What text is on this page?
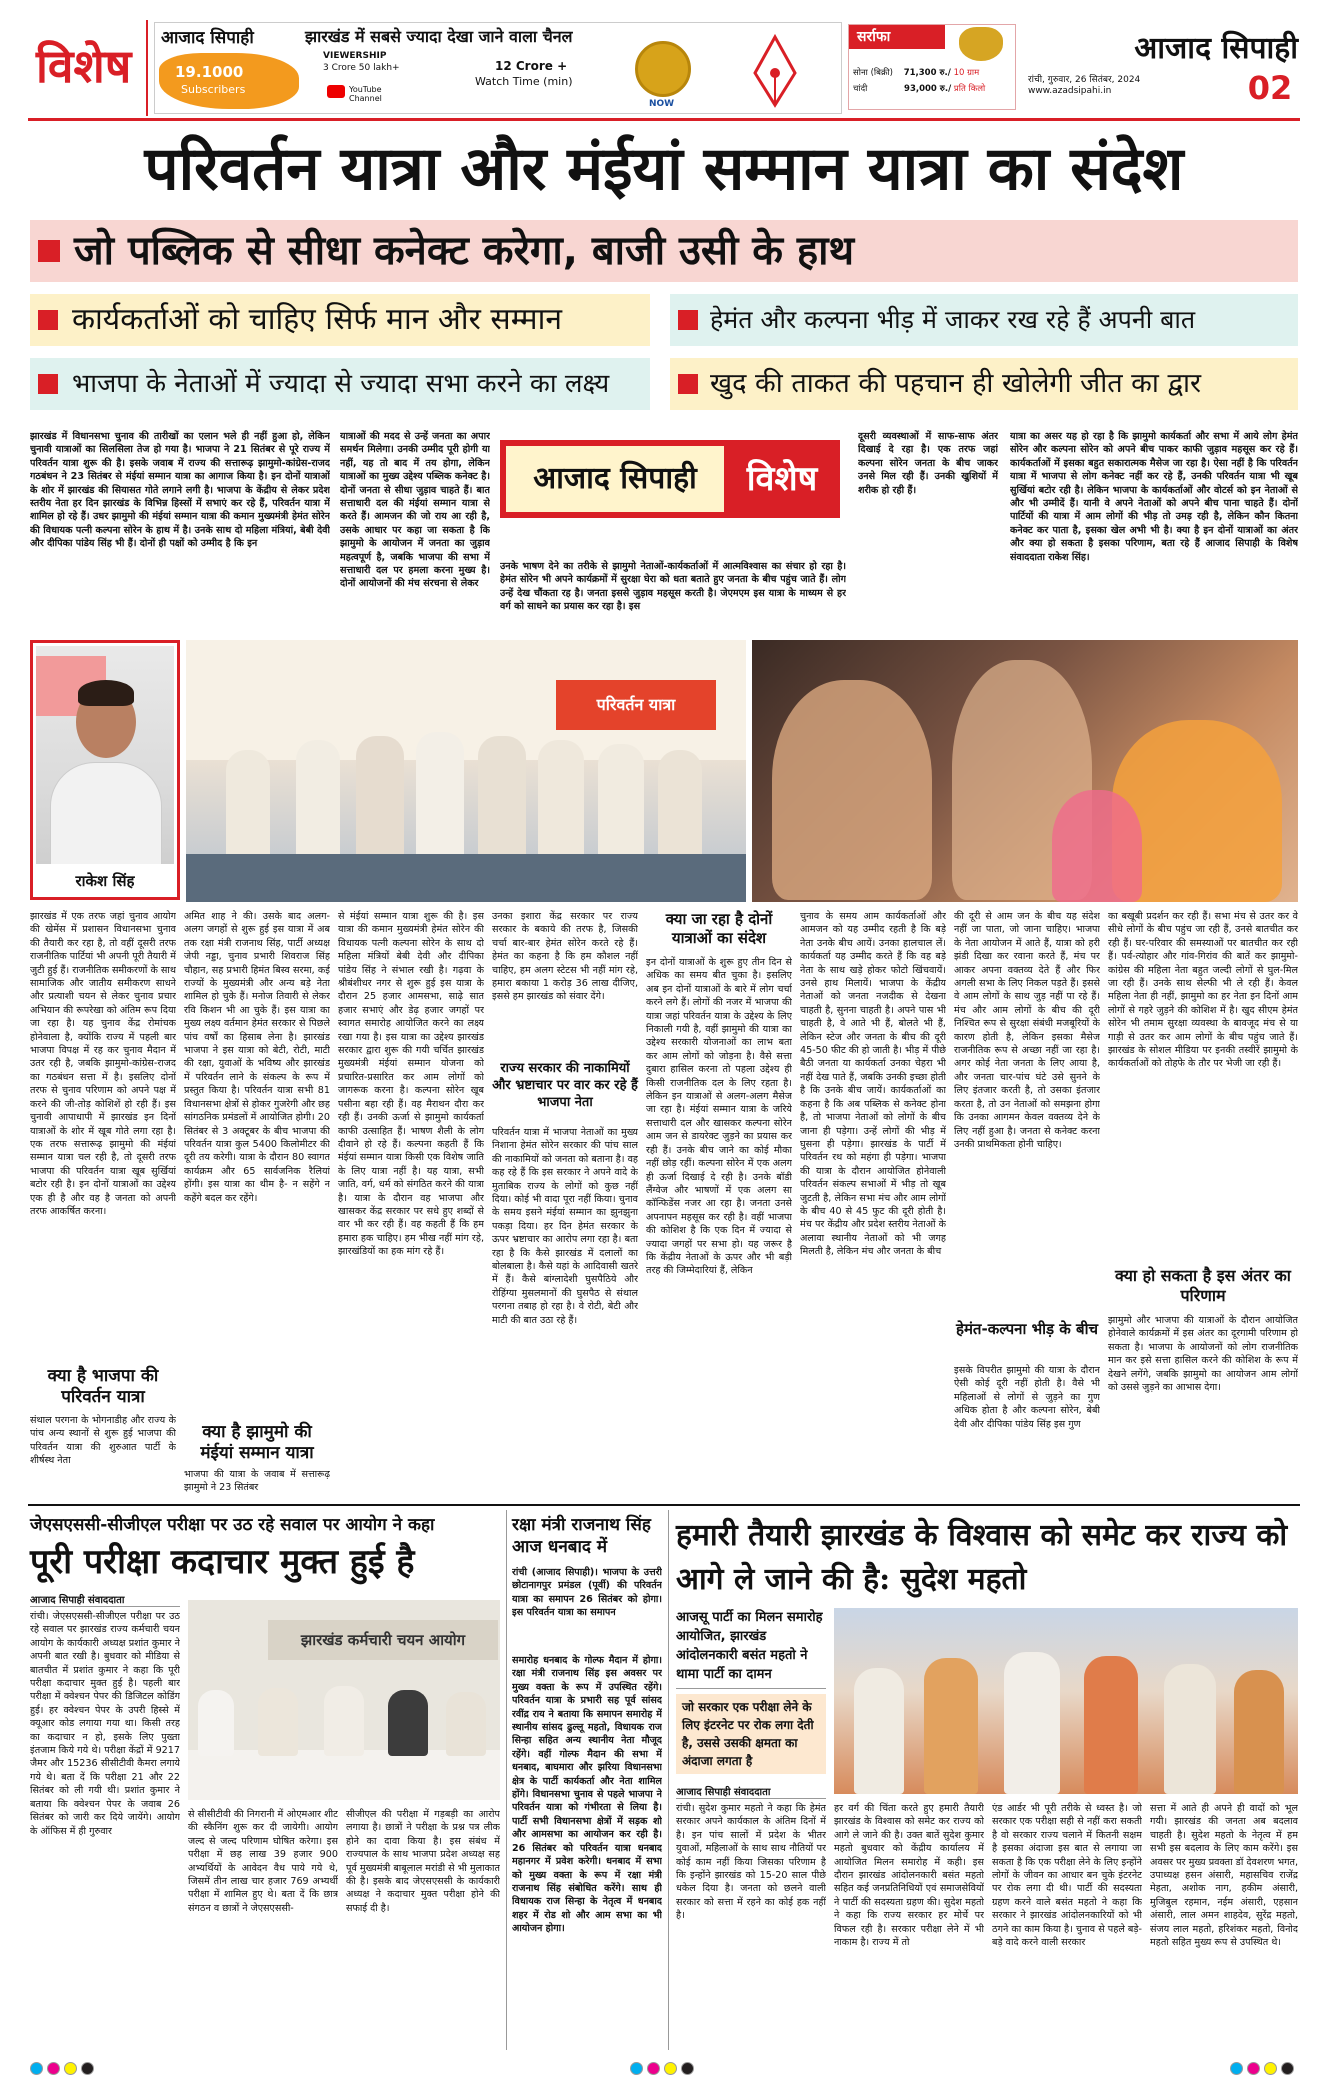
विशेष
आजाद सिपाही	झारखंड में सबसे ज्यादा देखा जाने वाला चैनल
19.1000
Subscribers
VIEWERSHIP
3 Crore 50 lakh+	12 Crore +
Watch Time (min)
YouTube Channel
NOW
सर्राफा
सोना (बिक्री) 71,300 रु./ 10 ग्राम
चांदी	93,000 रु./ प्रति किलो
आजाद सिपाही
रांची, गुरुवार, 26 सितंबर, 2024
www.azadsipahi.in	02
परिवर्तन यात्रा और मंईयां सम्मान यात्रा का संदेश
जो पब्लिक से सीधा कनेक्ट करेगा, बाजी उसी के हाथ
कार्यकर्ताओं को चाहिए सिर्फ मान और सम्मान	हेमंत और कल्पना भीड़ में जाकर रख रहे हैं अपनी बात
भाजपा के नेताओं में ज्यादा से ज्यादा सभा करने का लक्ष्य	खुद की ताकत की पहचान ही खोलेगी जीत का द्वार
झारखंड में विधानसभा चुनाव की तारीखों का एलान भले ही नहीं हुआ हो, लेकिन चुनावी यात्राओं का सिलसिला तेज हो गया है। भाजपा ने 21 सितंबर से पूरे राज्य में परिवर्तन यात्रा शुरू की है। इसके जवाब में राज्य की सत्तारूढ़ झामुमो-कांग्रेस-राजद गठबंधन ने 23 सितंबर से मंईयां सम्मान यात्रा का आगाज किया है। इन दोनों यात्राओं के शोर में झारखंड की सियासत गोते लगाने लगी है। भाजपा के केंद्रीय से लेकर प्रदेश स्तरीय नेता हर दिन झारखंड के विभिन्न हिस्सों में सभाएं कर रहे हैं, परिवर्तन यात्रा में शामिल हो रहे हैं। उधर झामुमो की मंईयां सम्मान यात्रा की कमान मुख्यमंत्री हेमंत सोरेन की विधायक पत्नी कल्पना सोरेन के हाथ में है। उनके साथ दो महिला मंत्रियां, बेबी देवी और दीपिका पांडेय सिंह भी हैं। दोनों ही पक्षों को उम्मीद है कि इन
यात्राओं की मदद से उन्हें जनता का अपार समर्थन मिलेगा। उनकी उम्मीद पूरी होगी या नहीं, यह तो बाद में तय होगा, लेकिन यात्राओं का मुख्य उद्देश्य पब्लिक कनेक्ट है। दोनों जनता से सीधा जुड़ाव चाहते हैं। बात सत्ताधारी दल की मंईयां सम्मान यात्रा से करते हैं। आमजन की जो राय आ रही है, उसके आधार पर कहा जा सकता है कि झामुमो के आयोजन में जनता का जुड़ाव महत्वपूर्ण है, जबकि भाजपा की सभा में सत्ताधारी दल पर हमला करना मुख्य है। दोनों आयोजनों की मंच संरचना से लेकर
आजाद सिपाही	विशेष
उनके भाषण देने का तरीके से झामुमो नेताओं-कार्यकर्ताओं में आत्मविश्वास का संचार हो रहा है। हेमंत सोरेन भी अपने कार्यक्रमों में सुरक्षा घेरा को धता बताते हुए जनता के बीच पहुंच जाते हैं। लोग उन्हें देख चौंकता रह है। जनता इससे जुड़ाव महसूस करती है। जेएमएम इस यात्रा के माध्यम से हर वर्ग को साधने का प्रयास कर रहा है। इस
दूसरी व्यवस्थाओं में साफ-साफ अंतर दिखाई दे रहा है। एक तरफ जहां कल्पना सोरेन जनता के बीच जाकर उनसे मिल रही हैं। उनकी खुशियों में शरीक हो रही हैं।
यात्रा का असर यह हो रहा है कि झामुमो कार्यकर्ता और सभा में आये लोग हेमंत सोरेन और कल्पना सोरेन को अपने बीच पाकर काफी जुड़ाव महसूस कर रहे हैं। कार्यकर्ताओं में इसका बहुत सकारात्मक मैसेज जा रहा है। ऐसा नहीं है कि परिवर्तन यात्रा में भाजपा से लोग कनेक्ट नहीं कर रहे हैं, उनकी परिवर्तन यात्रा भी खूब सुर्खियां बटोर रही है। लेकिन भाजपा के कार्यकर्ताओं और वोटर्स को इन नेताओं से और भी उम्मीदें हैं। यानी वे अपने नेताओं को अपने बीच पाना चाहते हैं। दोनों पार्टियों की यात्रा में आम लोगों की भीड़ तो उमड़ रही है, लेकिन कौन कितना कनेक्ट कर पाता है, इसका खेल अभी भी है। क्या है इन दोनों यात्राओं का अंतर और क्या हो सकता है इसका परिणाम, बता रहे हैं आजाद सिपाही के विशेष संवाददाता राकेश सिंह।
राकेश सिंह
परिवर्तन यात्रा
झारखंड में एक तरफ जहां चुनाव आयोग की खेमेंस में प्रशासन विधानसभा चुनाव की तैयारी कर रहा है, तो वहीं दूसरी तरफ राजनीतिक पार्टियां भी अपनी पूरी तैयारी में जुटी हुई हैं। राजनीतिक समीकरणों के साथ सामाजिक और जातीय समीकरण साधने और प्रत्याशी चयन से लेकर चुनाव प्रचार अभियान की रूपरेखा को अंतिम रूप दिया जा रहा है। यह चुनाव केंद्र रोमांचक होनेवाला है, क्योंकि राज्य में पहली बार भाजपा विपक्ष में रह कर चुनाव मैदान में उतर रही है, जबकि झामुमो-कांग्रेस-राजद का गठबंधन सत्ता में है। इसलिए दोनों तरफ से चुनाव परिणाम को अपने पक्ष में करने की जी-तोड़ कोशिशें हो रही हैं। इस चुनावी आपाधापी में झारखंड इन दिनों यात्राओं के शोर में खूब गोते लगा रहा है। एक तरफ सत्तारूढ़ झामुमो की मंईयां सम्मान यात्रा चल रही है, तो दूसरी तरफ भाजपा की परिवर्तन यात्रा खूब सुर्खियां बटोर रही है। इन दोनों यात्राओं का उद्देश्य एक ही है और वह है जनता को अपनी तरफ आकर्षित करना।
क्या है भाजपा की परिवर्तन यात्रा
संथाल परगना के भोगनाडीह और राज्य के पांच अन्य स्थानों से शुरू हुई भाजपा की परिवर्तन यात्रा की शुरुआत पार्टी के शीर्षस्थ नेता
अमित शाह ने की। उसके बाद अलग-अलग जगहों से शुरू हुई इस यात्रा में अब तक रक्षा मंत्री राजनाथ सिंह, पार्टी अध्यक्ष जेपी नड्डा, चुनाव प्रभारी शिवराज सिंह चौहान, सह प्रभारी हिमंत बिस्व सरमा, कई राज्यों के मुख्यमंत्री और अन्य बड़े नेता शामिल हो चुके हैं। मनोज तिवारी से लेकर रवि किशन भी आ चुके हैं। इस यात्रा का मुख्य लक्ष्य वर्तमान हेमंत सरकार से पिछले पांच वर्षों का हिसाब लेना है। झारखंड भाजपा ने इस यात्रा को बेटी, रोटी, माटी की रक्षा, युवाओं के भविष्य और झारखंड में परिवर्तन लाने के संकल्प के रूप में प्रस्तुत किया है। परिवर्तन यात्रा सभी 81 विधानसभा क्षेत्रों से होकर गुजरेगी और छह सांगठनिक प्रमंडलों में आयोजित होगी। 20 सितंबर से 3 अक्टूबर के बीच भाजपा की परिवर्तन यात्रा कुल 5400 किलोमीटर की दूरी तय करेगी। यात्रा के दौरान 80 स्वागत कार्यक्रम और 65 सार्वजनिक रैलियां होंगी। इस यात्रा का थीम है- न सहेंगे न कहेंगे बदल कर रहेंगे।
क्या है झामुमो की मंईयां सम्मान यात्रा
भाजपा की यात्रा के जवाब में सत्तारूढ़ झामुमो ने 23 सितंबर
से मंईयां सम्मान यात्रा शुरू की है। इस यात्रा की कमान मुख्यमंत्री हेमंत सोरेन की विधायक पत्नी कल्पना सोरेन के साथ दो महिला मंत्रियों बेबी देवी और दीपिका पांडेय सिंह ने संभाल रखी है। गढ़वा के श्रीबंशीधर नगर से शुरू हुई इस यात्रा के दौरान 25 हजार आमसभा, साढ़े सात हजार सभाएं और डेढ़ हजार जगहों पर स्वागत समारोह आयोजित करने का लक्ष्य रखा गया है। इस यात्रा का उद्देश्य झारखंड सरकार द्वारा शुरू की गयी चर्चित झारखंड मुख्यमंत्री मंईयां सम्मान योजना को प्रचारित-प्रसारित कर आम लोगों को जागरूक करना है। कल्पना सोरेन खूब पसीना बहा रही हैं। वह मैराथन दौरा कर रही हैं। उनकी ऊर्जा से झामुमो कार्यकर्ता काफी उत्साहित हैं। भाषण शैली के लोग दीवाने हो रहे हैं। कल्पना कहती हैं कि मंईयां सम्मान यात्रा किसी एक विशेष जाति के लिए यात्रा नहीं है। यह यात्रा, सभी जाति, वर्ग, धर्म को संगठित करने की यात्रा है। यात्रा के दौरान वह भाजपा और खासकर केंद्र सरकार पर सधे हुए शब्दों से वार भी कर रही हैं। वह कहती हैं कि हम हमारा हक चाहिए। हम भीख नहीं मांग रहे, झारखंडियों का हक मांग रहे हैं।
उनका इशारा केंद्र सरकार पर राज्य सरकार के बकाये की तरफ है, जिसकी चर्चा बार-बार हेमंत सोरेन करते रहे हैं। हेमंत का कहना है कि हम कौशल नहीं चाहिए, हम अलग स्टेटस भी नहीं मांग रहे, हमारा बकाया 1 करोड़ 36 लाख दीजिए, इससे हम झारखंड को संवार देंगे।
राज्य सरकार की नाकामियों और भ्रष्टाचार पर वार कर रहे हैं भाजपा नेता
परिवर्तन यात्रा में भाजपा नेताओं का मुख्य निशाना हेमंत सोरेन सरकार की पांच साल की नाकामियों को जनता को बताना है। वह कह रहे हैं कि इस सरकार ने अपने वादे के मुताबिक राज्य के लोगों को कुछ नहीं दिया। कोई भी वादा पूरा नहीं किया। चुनाव के समय इसने मंईयां सम्मान का झुनझुना पकड़ा दिया। हर दिन हेमंत सरकार के ऊपर भ्रष्टाचार का आरोप लगा रहा है। बता रहा है कि कैसे झारखंड में दलालों का बोलबाला है। कैसे यहां के आदिवासी खतरे में हैं। कैसे बांग्लादेशी घुसपैठिये और रोहिंग्या मुसलमानों की घुसपैठ से संथाल परगना तबाह हो रहा है। वे रोटी, बेटी और माटी की बात उठा रहे हैं।
क्या जा रहा है दोनों यात्राओं का संदेश
इन दोनों यात्राओं के शुरू हुए तीन दिन से अधिक का समय बीत चुका है। इसलिए अब इन दोनों यात्राओं के बारे में लोग चर्चा करने लगे हैं। लोगों की नजर में भाजपा की यात्रा जहां परिवर्तन यात्रा के उद्देश्य के लिए निकाली गयी है, वहीं झामुमो की यात्रा का उद्देश्य सरकारी योजनाओं का लाभ बता कर आम लोगों को जोड़ना है। वैसे सत्ता दुबारा हासिल करना तो पहला उद्देश्य ही किसी राजनीतिक दल के लिए रहता है। लेकिन इन यात्राओं से अलग-अलग मैसेज जा रहा है। मंईयां सम्मान यात्रा के जरिये सत्ताधारी दल और खासकर कल्पना सोरेन आम जन से डायरेक्ट जुड़ने का प्रयास कर रही हैं। उनके बीच जाने का कोई मौका नहीं छोड़ रहीं। कल्पना सोरेन में एक अलग ही ऊर्जा दिखाई दे रही है। उनके बॉडी लैंग्वेज और भाषणों में एक अलग सा कॉन्फिडेंस नजर आ रहा है। जनता उनसे अपनापन महसूस कर रही है। वहीं भाजपा की कोशिश है कि एक दिन में ज्यादा से ज्यादा जगहों पर सभा हो। यह जरूर है कि केंद्रीय नेताओं के ऊपर और भी बड़ी तरह की जिम्मेदारियां हैं, लेकिन
चुनाव के समय आम कार्यकर्ताओं और आमजन को यह उम्मीद रहती है कि बड़े नेता उनके बीच आयें। उनका हालचाल लें। कार्यकर्ता यह उम्मीद करते हैं कि वह बड़े नेता के साथ खड़े होकर फोटो खिंचवायें। उनसे हाथ मिलायें। भाजपा के केंद्रीय नेताओं को जनता नजदीक से देखना चाहती है, सुनना चाहती है। अपने पास भी चाहती है, वे आते भी हैं, बोलते भी हैं, लेकिन स्टेज और जनता के बीच की दूरी 45-50 फीट की हो जाती है। भीड़ में पीछे बैठी जनता या कार्यकर्ता उनका चेहरा भी नहीं देख पाते हैं, जबकि उनकी इच्छा होती है कि उनके बीच जायें। कार्यकर्ताओं का कहना है कि अब पब्लिक से कनेक्ट होना है, तो भाजपा नेताओं को लोगों के बीच जाना ही पड़ेगा। उन्हें लोगों की भीड़ में घुसना ही पड़ेगा। झारखंड के पार्टी में परिवर्तन रथ को महंगा ही पड़ेगा। भाजपा की यात्रा के दौरान आयोजित होनेवाली परिवर्तन संकल्प सभाओं में भीड़ तो खूब जुटती है, लेकिन सभा मंच और आम लोगों के बीच 40 से 45 फुट की दूरी होती है। मंच पर केंद्रीय और प्रदेश स्तरीय नेताओं के अलावा स्थानीय नेताओं को भी जगह मिलती है, लेकिन मंच और जनता के बीच
की दूरी से आम जन के बीच यह संदेश नहीं जा पाता, जो जाना चाहिए। भाजपा के नेता आयोजन में आते हैं, यात्रा को हरी झंडी दिखा कर रवाना करते हैं, मंच पर आकर अपना वक्तव्य देते हैं और फिर अगली सभा के लिए निकल पड़ते हैं। इससे वे आम लोगों के साथ जुड़ नहीं पा रहे हैं। मंच और आम लोगों के बीच की दूरी निश्चित रूप से सुरक्षा संबंधी मजबूरियों के कारण होती है, लेकिन इसका मैसेज राजनीतिक रूप से अच्छा नहीं जा रहा है। अगर कोई नेता जनता के लिए आया है, और जनता चार-पांच घंटे उसे सुनने के लिए इंतजार करती है, तो उसका इंतजार करता है, तो उन नेताओं को समझना होगा कि उनका आगमन केवल वक्तव्य देने के लिए नहीं हुआ है। जनता से कनेक्ट करना उनकी प्राथमिकता होनी चाहिए।
हेमंत-कल्पना भीड़ के बीच
इसके विपरीत झामुमो की यात्रा के दौरान ऐसी कोई दूरी नहीं होती है। वैसे भी महिलाओं से लोगों से जुड़ने का गुण अधिक होता है और कल्पना सोरेन, बेबी देवी और दीपिका पांडेय सिंह इस गुण
का बखूबी प्रदर्शन कर रही हैं। सभा मंच से उतर कर वे सीधे लोगों के बीच पहुंच जा रही हैं, उनसे बातचीत कर रही हैं। घर-परिवार की समस्याओं पर बातचीत कर रही हैं। पर्व-त्योहार और गांव-गिरांव की बातें कर झामुमो-कांग्रेस की महिला नेता बहुत जल्दी लोगों से घुल-मिल जा रही हैं। उनके साथ सेल्फी भी ले रही हैं। केवल महिला नेता ही नहीं, झामुमो का हर नेता इन दिनों आम लोगों से गहरे जुड़ने की कोशिश में है। खुद सीएम हेमंत सोरेन भी तमाम सुरक्षा व्यवस्था के बावजूद मंच से या गाड़ी से उतर कर आम लोगों के बीच पहुंच जाते हैं। झारखंड के सोशल मीडिया पर इनकी तस्वीरें झामुमो के कार्यकर्ताओं को तोहफे के तौर पर भेजी जा रही हैं।
क्या हो सकता है इस अंतर का परिणाम
झामुमो और भाजपा की यात्राओं के दौरान आयोजित होनेवाले कार्यक्रमों में इस अंतर का दूरगामी परिणाम हो सकता है। भाजपा के आयोजनों को लोग राजनीतिक मान कर इसे सत्ता हासिल करने की कोशिश के रूप में देखने लगेंगे, जबकि झामुमो का आयोजन आम लोगों को उससे जुड़ने का आभास देगा।
जेएसएससी-सीजीएल परीक्षा पर उठ रहे सवाल पर आयोग ने कहा
पूरी परीक्षा कदाचार मुक्त हुई है
आजाद सिपाही संवाददाता
रांची। जेएसएससी-सीजीएल परीक्षा पर उठ रहे सवाल पर झारखंड राज्य कर्मचारी चयन आयोग के कार्यकारी अध्यक्ष प्रशांत कुमार ने अपनी बात रखी है। बुधवार को मीडिया से बातचीत में प्रशांत कुमार ने कहा कि पूरी परीक्षा कदाचार मुक्त हुई है। पहली बार परीक्षा में क्वेश्चन पेपर की डिजिटल कोडिंग हुई। हर क्वेश्चन पेपर के उपरी हिस्से में क्यूआर कोड लगाया गया था। किसी तरह का कदाचार न हो, इसके लिए पुख्ता इंतजाम किये गये थे। परीक्षा केंद्रों में 9217 जैमर और 15236 सीसीटीवी कैमरा लगाये गये थे। बता दें कि परीक्षा 21 और 22 सितंबर को ली गयी थी। प्रशांत कुमार ने बताया कि क्वेश्चन पेपर के जवाब 26 सितंबर को जारी कर दिये जायेंगे। आयोग के ऑफिस में ही गुरुवार
झारखंड कर्मचारी चयन आयोग
से सीसीटीवी की निगरानी में ओएमआर शीट की स्कैनिंग शुरू कर दी जायेगी। आयोग जल्द से जल्द परिणाम घोषित करेगा। इस परीक्षा में छह लाख 39 हजार 900 अभ्यर्थियों के आवेदन वैध पाये गये थे, जिसमें तीन लाख चार हजार 769 अभ्यर्थी परीक्षा में शामिल हुए थे। बता दें कि छात्र संगठन व छात्रों ने जेएसएससी-
सीजीएल की परीक्षा में गड़बड़ी का आरोप लगाया है। छात्रों ने परीक्षा के प्रश्न पत्र लीक होने का दावा किया है। इस संबंध में राज्यपाल के साथ भाजपा प्रदेश अध्यक्ष सह पूर्व मुख्यमंत्री बाबूलाल मरांडी से भी मुलाकात की है। इसके बाद जेएसएससी के कार्यकारी अध्यक्ष ने कदाचार मुक्त परीक्षा होने की सफाई दी है।
रक्षा मंत्री राजनाथ सिंह आज धनबाद में
रांची (आजाद सिपाही)। भाजपा के उत्तरी छोटानागपुर प्रमंडल (पूर्वी) की परिवर्तन यात्रा का समापन 26 सितंबर को होगा। इस परिवर्तन यात्रा का समापन
समारोह धनबाद के गोल्फ मैदान में होगा। रक्षा मंत्री राजनाथ सिंह इस अवसर पर मुख्य वक्ता के रूप में उपस्थित रहेंगे। परिवर्तन यात्रा के प्रभारी सह पूर्व सांसद रवींद्र राय ने बताया कि समापन समारोह में स्थानीय सांसद ढुल्लू महतो, विधायक राज सिन्हा सहित अन्य स्थानीय नेता मौजूद रहेंगे। वहीं गोल्फ मैदान की सभा में धनबाद, बाघमारा और झरिया विधानसभा क्षेत्र के पार्टी कार्यकर्ता और नेता शामिल होंगे। विधानसभा चुनाव से पहले भाजपा ने परिवर्तन यात्रा को गंभीरता से लिया है। पार्टी सभी विधानसभा क्षेत्रों में सड़क शो और आमसभा का आयोजन कर रही है। 26 सितंबर को परिवर्तन यात्रा धनबाद महानगर में प्रवेश करेगी। धनबाद में सभा को मुख्य वक्ता के रूप में रक्षा मंत्री राजनाथ सिंह संबोधित करेंगे। साथ ही विधायक राज सिन्हा के नेतृत्व में धनबाद शहर में रोड शो और आम सभा का भी आयोजन होगा।
हमारी तैयारी झारखंड के विश्वास को समेट कर राज्य को आगे ले जाने की है: सुदेश महतो
आजसू पार्टी का मिलन समारोह आयोजित, झारखंड आंदोलनकारी बसंत महतो ने थामा पार्टी का दामन
जो सरकार एक परीक्षा लेने के लिए इंटरनेट पर रोक लगा देती है, उससे उसकी क्षमता का अंदाजा लगता है
आजाद सिपाही संवाददाता
रांची। सुदेश कुमार महतो ने कहा कि हेमंत सरकार अपने कार्यकाल के अंतिम दिनों में है। इन पांच सालों में प्रदेश के भीतर युवाओं, महिलाओं के साथ साथ नौतियों पर कोई काम नहीं किया जिसका परिणाम है कि इन्होंने झारखंड को 15-20 साल पीछे धकेल दिया है। जनता को छलने वाली सरकार को सत्ता में रहने का कोई हक नहीं है।
हर वर्ग की चिंता करते हुए हमारी तैयारी झारखंड के विश्वास को समेट कर राज्य को आगे ले जाने की है। उक्त बातें सुदेश कुमार महतो बुधवार को केंद्रीय कार्यालय में आयोजित मिलन समारोह में कही। इस दौरान झारखंड आंदोलनकारी बसंत महतो सहित कई जनप्रतिनिधियों एवं समाजसेवियों ने पार्टी की सदस्यता ग्रहण की। सुदेश महतो ने कहा कि राज्य सरकार हर मोर्चे पर विफल रही है। सरकार परीक्षा लेने में भी नाकाम है। राज्य में तो
एंड आर्डर भी पूरी तरीके से ध्वस्त है। जो सरकार एक परीक्षा सही से नहीं करा सकती है वो सरकार राज्य चलाने में कितनी सक्षम है इसका अंदाजा इस बात से लगाया जा सकता है कि एक परीक्षा लेने के लिए इन्होंने लोगों के जीवन का आधार बन चुके इंटरनेट पर रोक लगा दी थी। पार्टी की सदस्यता ग्रहण करने वाले बसंत महतो ने कहा कि सरकार ने झारखंड आंदोलनकारियों को भी ठगने का काम किया है। चुनाव से पहले बड़े-बड़े वादे करने वाली सरकार
सत्ता में आते ही अपने ही वादों को भूल गयी। झारखंड की जनता अब बदलाव चाहती है। सुदेश महतो के नेतृत्व में हम सभी इस बदलाव के लिए काम करेंगे। इस अवसर पर मुख्य प्रवक्ता डॉ देवशरण भगत, उपाध्यक्ष हसन अंसारी, महासचिव राजेंद्र मेहता, अशोक नाग, हकीम अंसारी, मुजिबुल रहमान, नईम अंसारी, एहसान अंसारी, लाल अमन शाहदेव, सुरेंद्र महतो, संजय लाल महतो, हरिशंकर महतो, विनोद महतो सहित मुख्य रूप से उपस्थित थे।
